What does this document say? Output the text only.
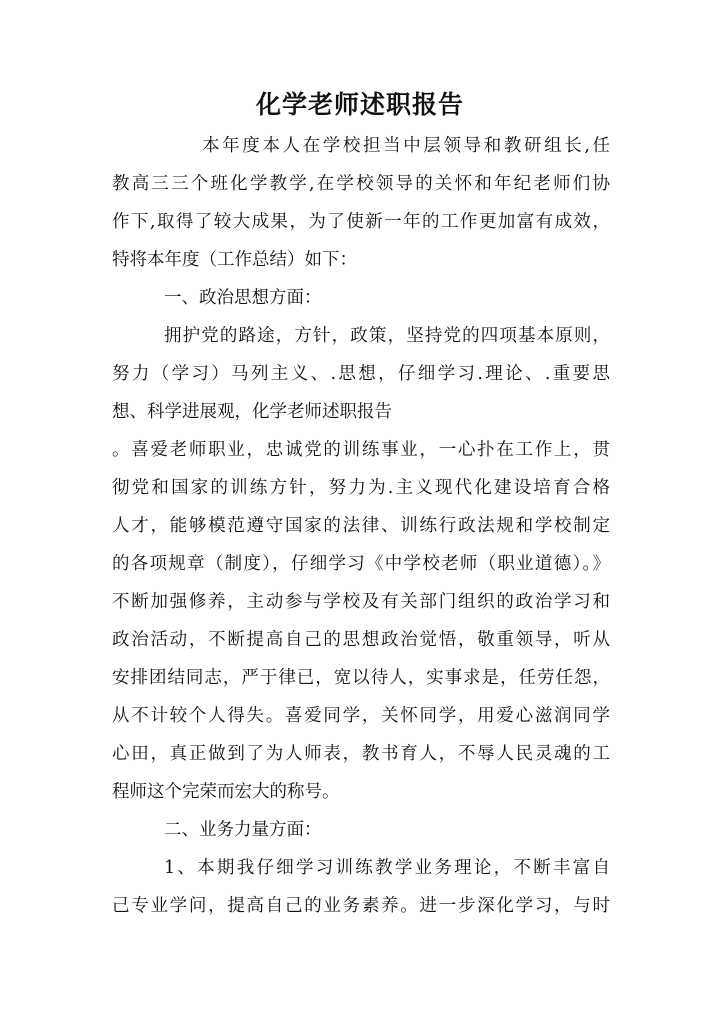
化学老师述职报告
本年度本人在学校担当中层领导和教研组长,任
教高三三个班化学教学,在学校领导的关怀和年纪老师们协
作下,取得了较大成果，为了使新一年的工作更加富有成效，
特将本年度（工作总结）如下：
一、政治思想方面：
拥护党的路途，方针，政策，坚持党的四项基本原则，
努力（学习）马列主义、.思想，仔细学习.理论、.重要思
想、科学进展观，化学老师述职报告
。喜爱老师职业，忠诚党的训练事业，一心扑在工作上，贯
彻党和国家的训练方针，努力为.主义现代化建设培育合格
人才，能够模范遵守国家的法律、训练行政法规和学校制定
的各项规章（制度），仔细学习《中学校老师（职业道德）。》
不断加强修养，主动参与学校及有关部门组织的政治学习和
政治活动，不断提高自己的思想政治觉悟，敬重领导，听从
安排团结同志，严于律已，宽以待人，实事求是，任劳任怨，
从不计较个人得失。喜爱同学，关怀同学，用爱心滋润同学
心田，真正做到了为人师表，教书育人，不辱人民灵魂的工
程师这个完荣而宏大的称号。
二、业务力量方面：
1、本期我仔细学习训练教学业务理论，不断丰富自
己专业学问，提高自己的业务素养。进一步深化学习，与时
